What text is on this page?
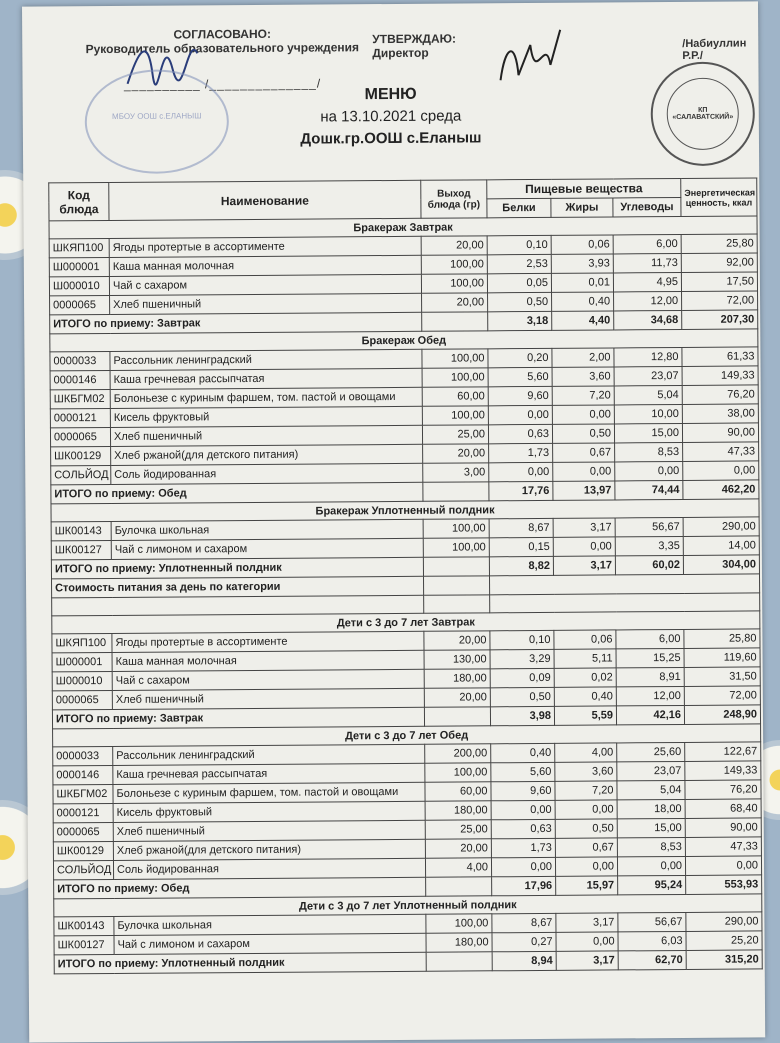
СОГЛАСОВАНО:
Руководитель образовательного учреждения
__________ /______________/
УТВЕРЖДАЮ:
Директор
/Набиуллин Р.Р./
МБОУ ООШ с.ЕЛАНЫШ
КП
«САЛАВАТСКИЙ»
МЕНЮ
на 13.10.2021 среда
Дошк.гр.ООШ с.Еланыш
Код блюда	Наименование	Выход блюда (гр)	Пищевые вещества			Энергетическая ценность, ккал
			Белки	Жиры	Углеводы	
Бракераж Завтрак						
ШКЯП100	Ягоды протертые в ассортименте	20,00	0,10	0,06	6,00	25,80
Ш000001	Каша манная молочная	100,00	2,53	3,93	11,73	92,00
Ш000010	Чай с сахаром	100,00	0,05	0,01	4,95	17,50
0000065	Хлеб пшеничный	20,00	0,50	0,40	12,00	72,00
ИТОГО по приему: Завтрак			3,18	4,40	34,68	207,30
Бракераж Обед						
0000033	Рассольник ленинградский	100,00	0,20	2,00	12,80	61,33
0000146	Каша гречневая рассыпчатая	100,00	5,60	3,60	23,07	149,33
ШКБГМ02	Болоньезе с куриным фаршем, том. пастой и овощами	60,00	9,60	7,20	5,04	76,20
0000121	Кисель фруктовый	100,00	0,00	0,00	10,00	38,00
0000065	Хлеб пшеничный	25,00	0,63	0,50	15,00	90,00
ШК00129	Хлеб ржаной(для детского питания)	20,00	1,73	0,67	8,53	47,33
СОЛЬЙОД	Соль йодированная	3,00	0,00	0,00	0,00	0,00
ИТОГО по приему: Обед			17,76	13,97	74,44	462,20
Бракераж Уплотненный полдник						
ШК00143	Булочка школьная	100,00	8,67	3,17	56,67	290,00
ШК00127	Чай с лимоном и сахаром	100,00	0,15	0,00	3,35	14,00
ИТОГО по приему: Уплотненный полдник			8,82	3,17	60,02	304,00
Стоимость питания за день по категории						

Дети с 3 до 7 лет Завтрак						
ШКЯП100	Ягоды протертые в ассортименте	20,00	0,10	0,06	6,00	25,80
Ш000001	Каша манная молочная	130,00	3,29	5,11	15,25	119,60
Ш000010	Чай с сахаром	180,00	0,09	0,02	8,91	31,50
0000065	Хлеб пшеничный	20,00	0,50	0,40	12,00	72,00
ИТОГО по приему: Завтрак			3,98	5,59	42,16	248,90
Дети с 3 до 7 лет Обед						
0000033	Рассольник ленинградский	200,00	0,40	4,00	25,60	122,67
0000146	Каша гречневая рассыпчатая	100,00	5,60	3,60	23,07	149,33
ШКБГМ02	Болоньезе с куриным фаршем, том. пастой и овощами	60,00	9,60	7,20	5,04	76,20
0000121	Кисель фруктовый	180,00	0,00	0,00	18,00	68,40
0000065	Хлеб пшеничный	25,00	0,63	0,50	15,00	90,00
ШК00129	Хлеб ржаной(для детского питания)	20,00	1,73	0,67	8,53	47,33
СОЛЬЙОД	Соль йодированная	4,00	0,00	0,00	0,00	0,00
ИТОГО по приему: Обед			17,96	15,97	95,24	553,93
Дети с 3 до 7 лет Уплотненный полдник						
ШК00143	Булочка школьная	100,00	8,67	3,17	56,67	290,00
ШК00127	Чай с лимоном и сахаром	180,00	0,27	0,00	6,03	25,20
ИТОГО по приему: Уплотненный полдник			8,94	3,17	62,70	315,20
